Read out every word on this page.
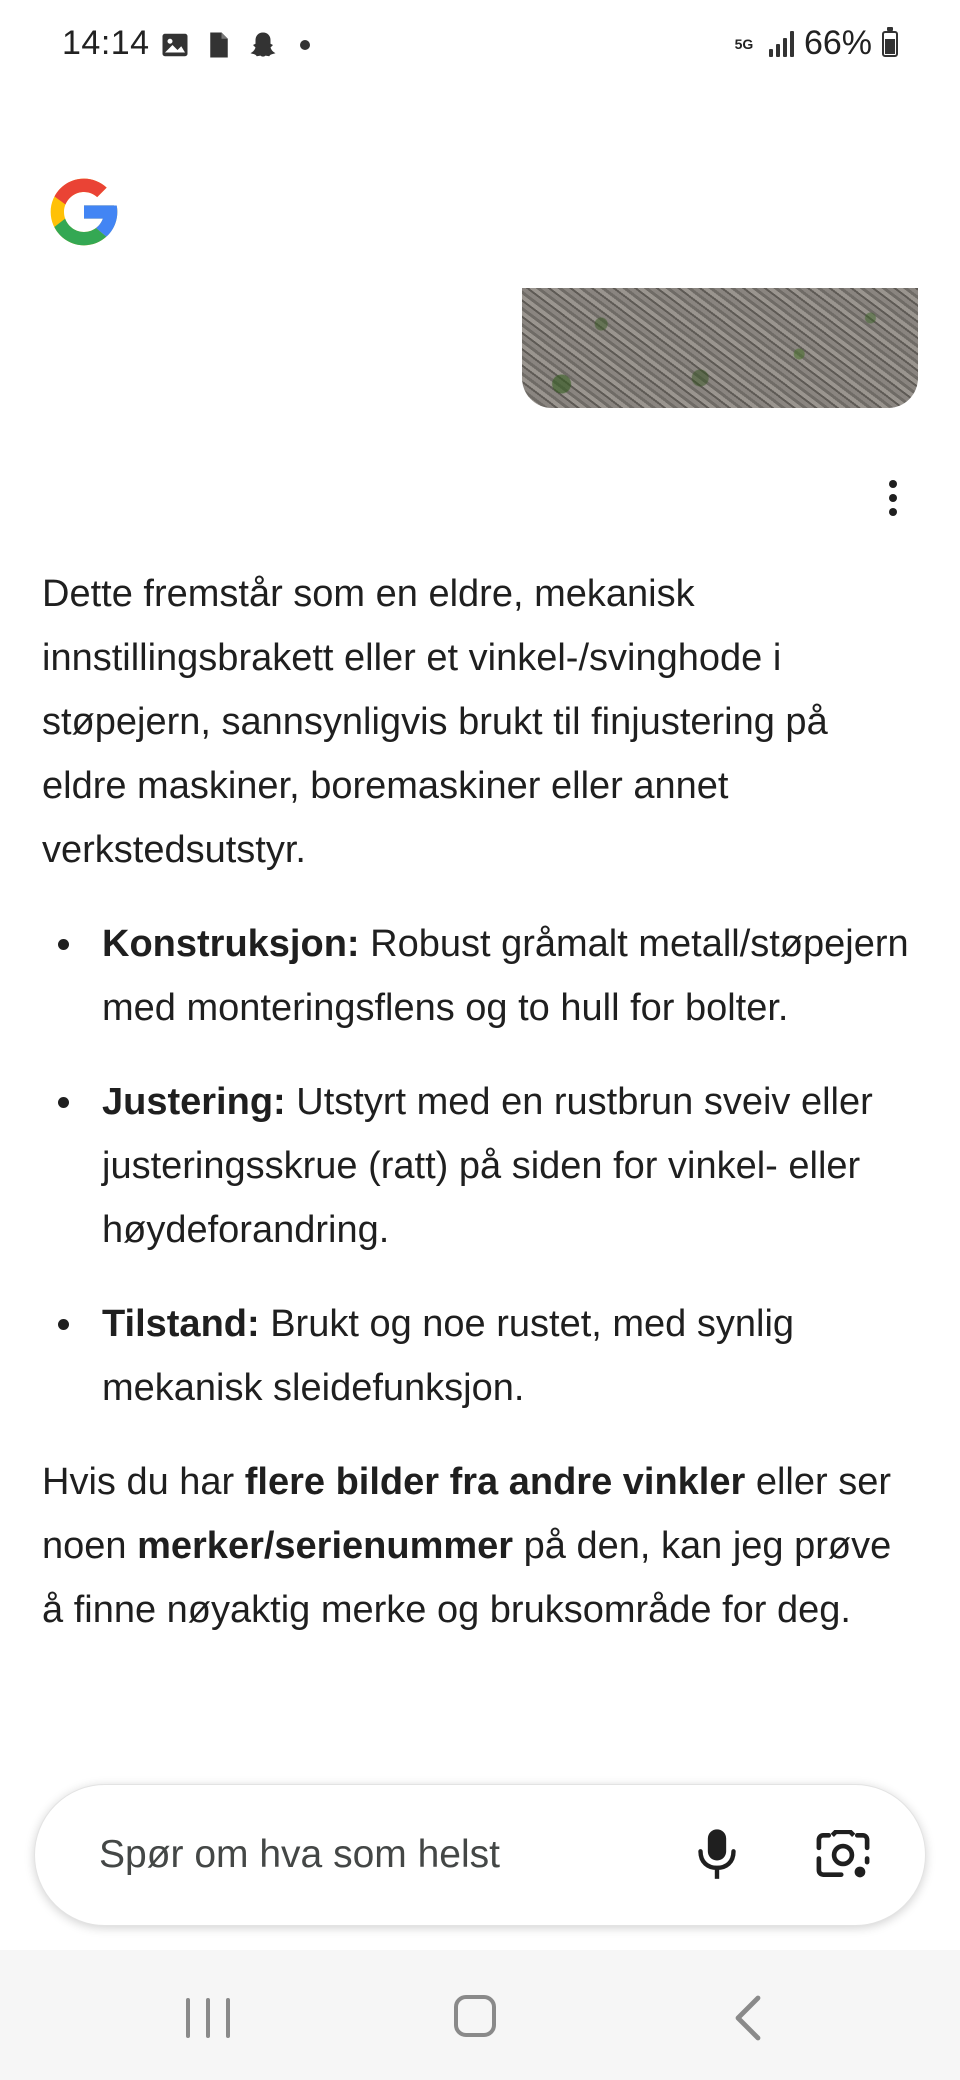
14:14	5G 66%

Dette fremstår som en eldre, mekanisk innstillingsbrakett eller et vinkel-/svinghode i støpejern, sannsynligvis brukt til finjustering på eldre maskiner, boremaskiner eller annet verkstedsutstyr.

Konstruksjon: Robust gråmalt metall/støpejern med monteringsflens og to hull for bolter.
Justering: Utstyrt med en rustbrun sveiv eller justeringsskrue (ratt) på siden for vinkel- eller høydeforandring.
Tilstand: Brukt og noe rustet, med synlig mekanisk sleidefunksjon.

Hvis du har flere bilder fra andre vinkler eller ser noen merker/serienummer på den, kan jeg prøve å finne nøyaktig merke og bruksområde for deg.

Spør om hva som helst
